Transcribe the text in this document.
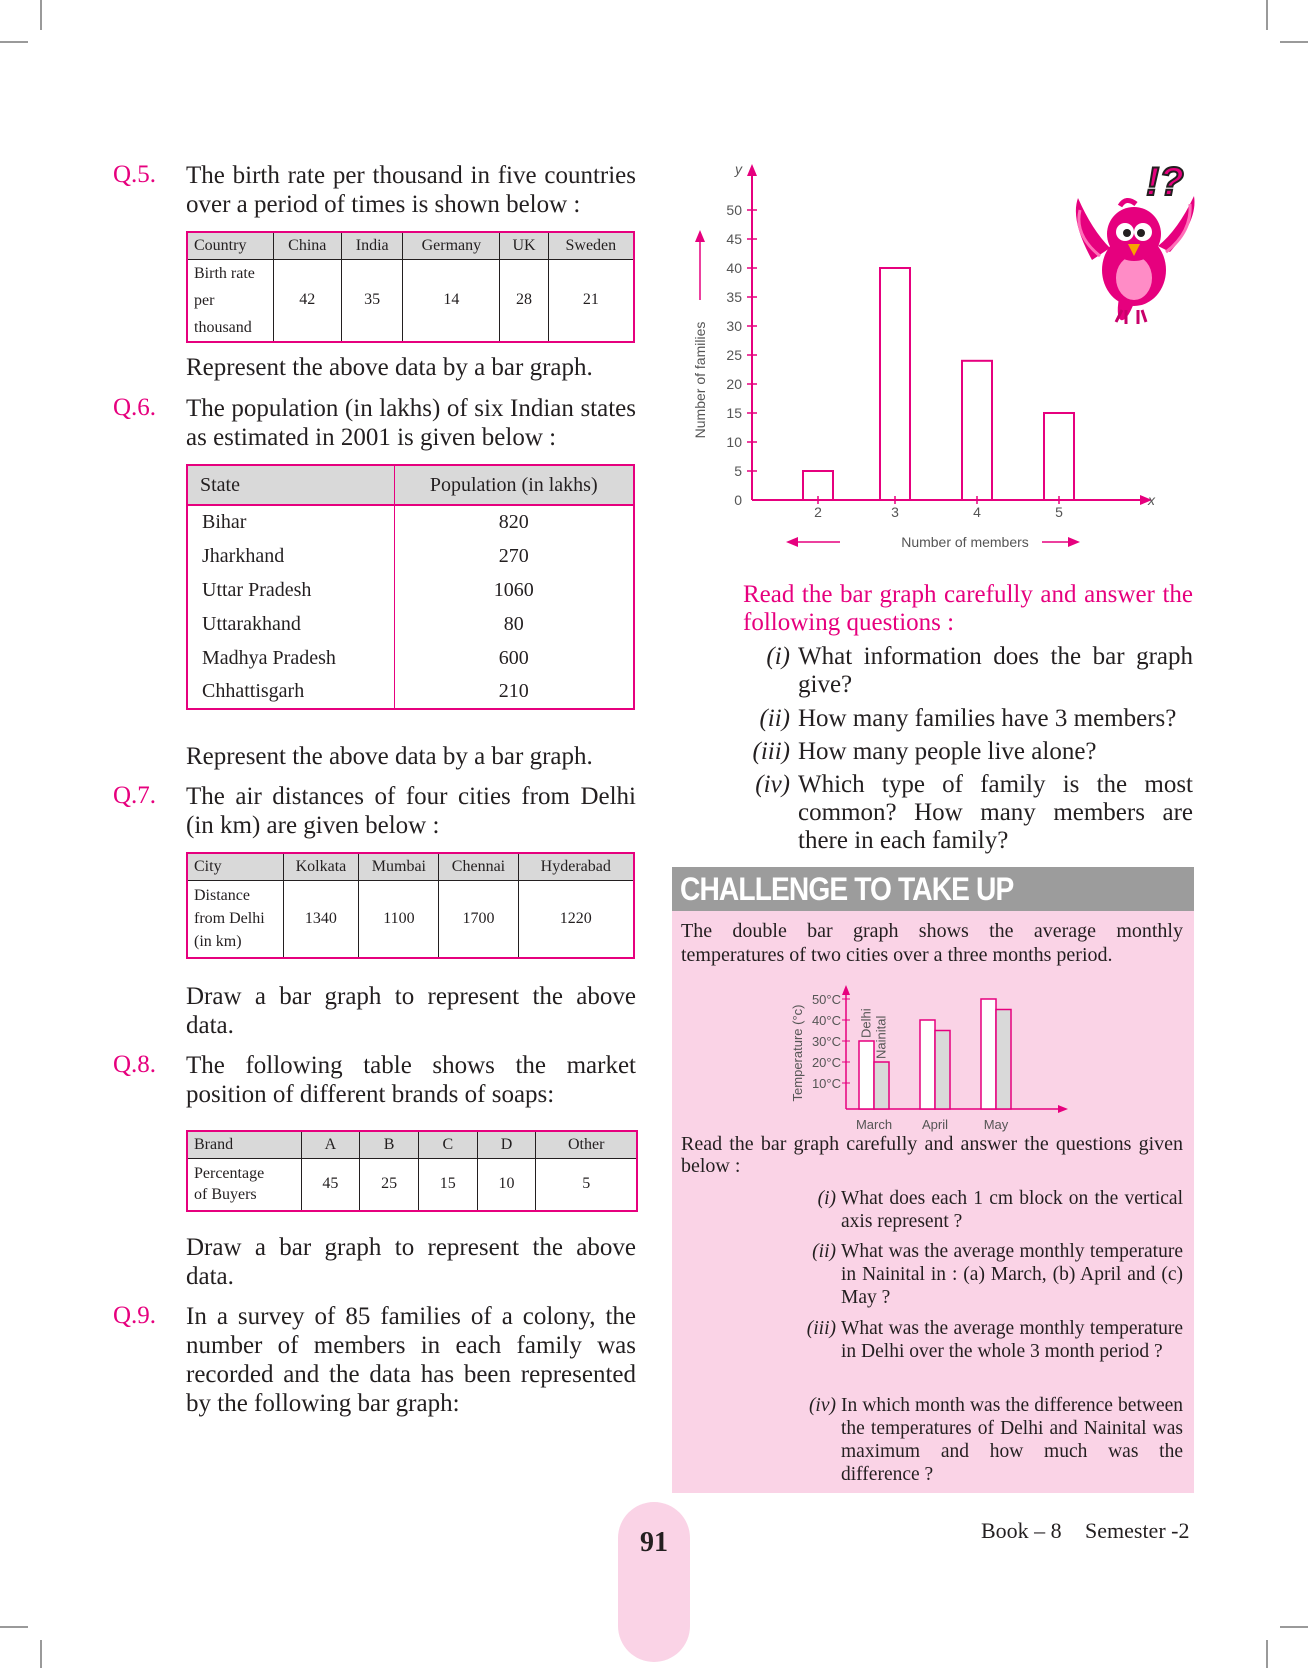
Q.5. The birth rate per thousand in five countries over a period of times is shown below :
Country	China	India	Germany	UK	Sweden

Birth rate
per
thousand	42	35	14	28	21
Represent the above data by a bar graph.
Q.6. The population (in lakhs) of six Indian states as estimated in 2001 is given below :
State	Population (in lakhs)
Bihar	820
Jharkhand	270
Uttar Pradesh	1060
Uttarakhand	80
Madhya Pradesh	600
Chhattisgarh	210
Represent the above data by a bar graph.
Q.7. The air distances of four cities from Delhi (in km) are given below :
City	Kolkata	Mumbai	Chennai	Hyderabad

Distance
from Delhi
(in km)	1340	1100	1700	1220
Draw a bar graph to represent the above data.
Q.8. The following table shows the market position of different brands of soaps:
Brand	A	B	C	D	Other

Percentage
of Buyers	45	25	15	10	5
Draw a bar graph to represent the above data.
Q.9. In a survey of 85 families of a colony, the number of members in each family was recorded and the data has been represented by the following bar graph:
y
x
0
5
10
15
20
25
30
35
40
45
50
2	3	4	5
Number of families
Number of members
!?
Read the bar graph carefully and answer the following questions :
(i) What information does the bar graph give?
(ii) How many families have 3 members?
(iii) How many people live alone?
(iv) Which type of family is the most common? How many members are there in each family?
CHALLENGE TO TAKE UP
The double bar graph shows the average monthly temperatures of two cities over a three months period.
10°C
20°C
30°C
40°C
50°C
Temperature (°c)
March April	May
Delhi Nainital
Read the bar graph carefully and answer the questions given below :
(i) What does each 1 cm block on the vertical axis represent ?
(ii) What was the average monthly temperature in Nainital in : (a) March, (b) April and (c) May ?
(iii) What was the average monthly temperature in Delhi over the whole 3 month period ?
(iv) In which month was the difference between the temperatures of Delhi and Nainital was maximum and how much was the difference ?
91	Book – 8 Semester -2
